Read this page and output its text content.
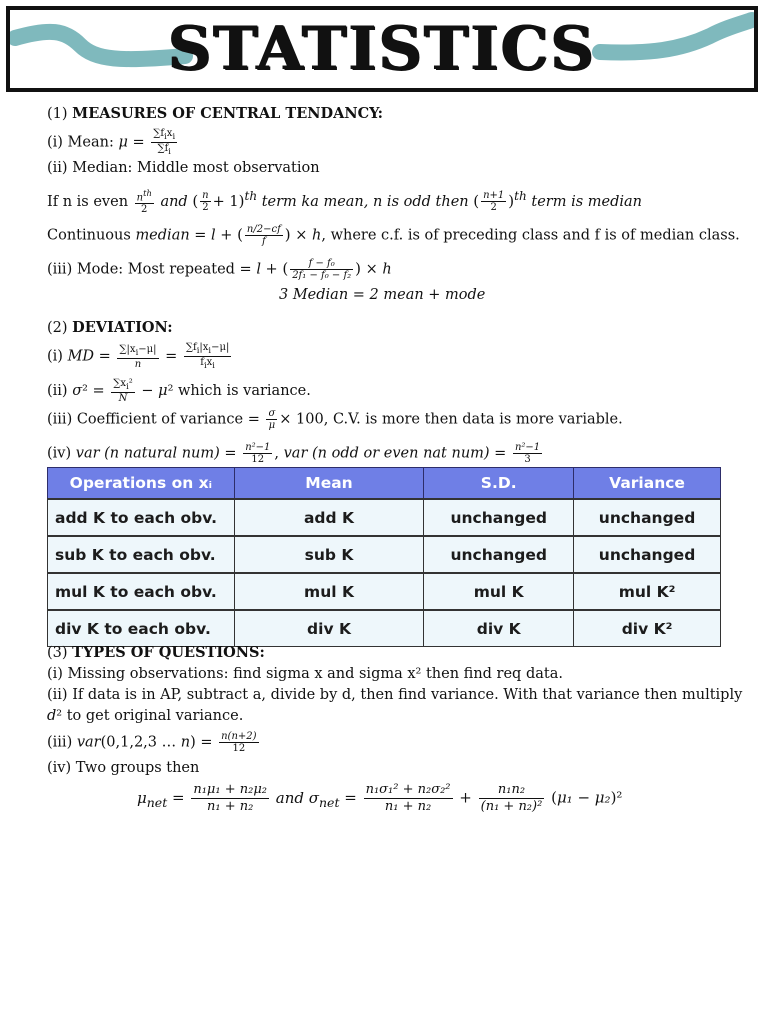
STATISTICS
(1) MEASURES OF CENTRAL TENDANCY:
(i) Mean: $\mu = \frac{\sum f_ix_i}{\sum f_i}$
(ii) Median: Middle most observation
If n is even $\frac{n^{th}}{2}$ and ( $\frac{n}{2} + 1)^{th}$ term ka mean, n is odd then ( $\frac{n+1}{2} )^{th}$ term is median
Continuous median = l + ( $\frac{n/2-cf}{f}$ ) × h, where c.f. is of preceding class and f is of median class.
(iii) Mode: Most repeated = l + ( $\frac{\text{f − f₀}}{\text{2f₁ − f₀ − f₂}}$ ) × h
3 Median = 2 mean + mode
(2) DEVIATION:
(i) MD = $\frac{\sum|x_i-\mu|}{n} = \frac{\sum f_i|x_i-\mu|}{f_ix_i}$
(ii) $\sigma^2 = \frac{\sum x_i^2}{N} - \mu^2$ which is variance.
(iii) Coefficient of variance = $\frac{\sigma}{\mu} \times 100$, C.V. is more then data is more variable.
(iv) var (n natural $num) = \frac{\text{n²−1}}{12}$ , var (n odd or even nat $num) = \frac{\text{n²−1}}{3}$
Operations on xᵢ	Mean	S.D.	Variance
add K to each obv.	add K	unchanged	unchanged
sub K to each obv.	sub K	unchanged	unchanged
mul K to each obv.	mul K	mul K	mul K²
div K to each obv.	div K	div K	div K²
(3) TYPES OF QUESTIONS:
(i) Missing observations: find sigma x and sigma x² then find req data.
(ii) If data is in AP, subtract a, divide by d, then find variance. With that variance then multiply
d² to get original variance.
(iii) var(0,1,2,3 … $n) = \frac{n(n+2)}{12}$
(iv) Two groups then
$\mu_{net} = \frac{\text{n₁μ₁ + n₂μ₂}}{\text{n₁ + n₂}}$ and $\sigma_{net} = \frac{\text{n₁σ₁² + n₂σ₂²}}{\text{n₁ + n₂}} + \frac{\text{n₁n₂}}{\text{(n₁ + n₂)²}} (\mu_1 - \mu_2)^2$
